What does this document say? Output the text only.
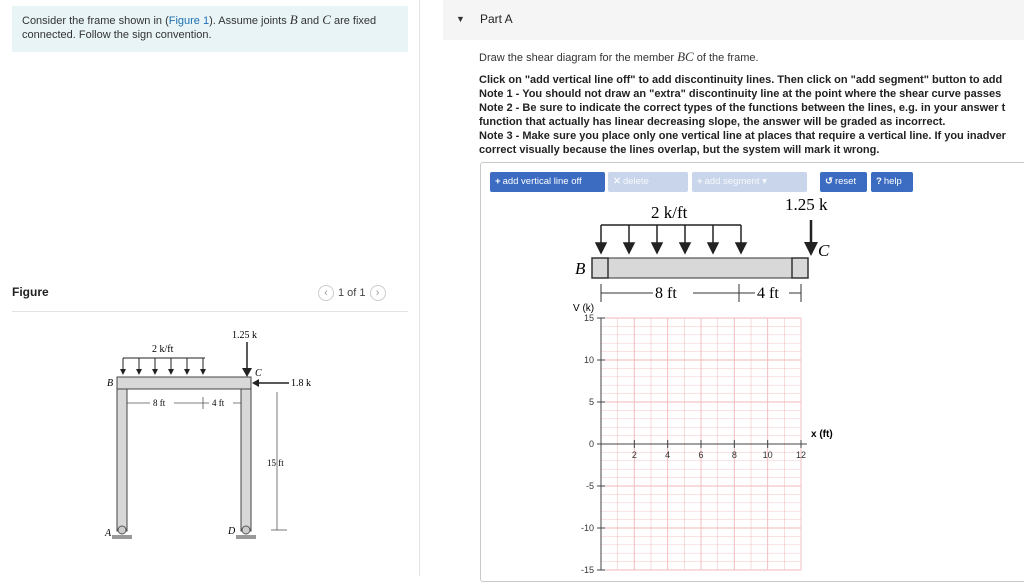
Consider the frame shown in (Figure 1). Assume joints B and C are fixed connected. Follow the sign convention.
Figure	‹ 1 of 1 ›
1.25 k
2 k/ft
B
C
1.8 k
8 ft	4 ft
15 ft
A	D
▼ Part A
Draw the shear diagram for the member BC of the frame.
Click on "add vertical line off" to add discontinuity lines. Then click on "add segment" button to add
Note 1 - You should not draw an "extra" discontinuity line at the point where the shear curve passes
Note 2 - Be sure to indicate the correct types of the functions between the lines, e.g. in your answer t
function that actually has linear decreasing slope, the answer will be graded as incorrect.
Note 3 - Make sure you place only one vertical line at places that require a vertical line. If you inadver
correct visually because the lines overlap, but the system will mark it wrong.
+ add vertical line off	✕ delete	+ add segment ▾	↺ reset	? help
2 k/ft	1.25 k
C
B
8 ft	4 ft
V (k)
x (ft)
15
10
5
0
-5
-10
-15
2	4	6	8	10	12
